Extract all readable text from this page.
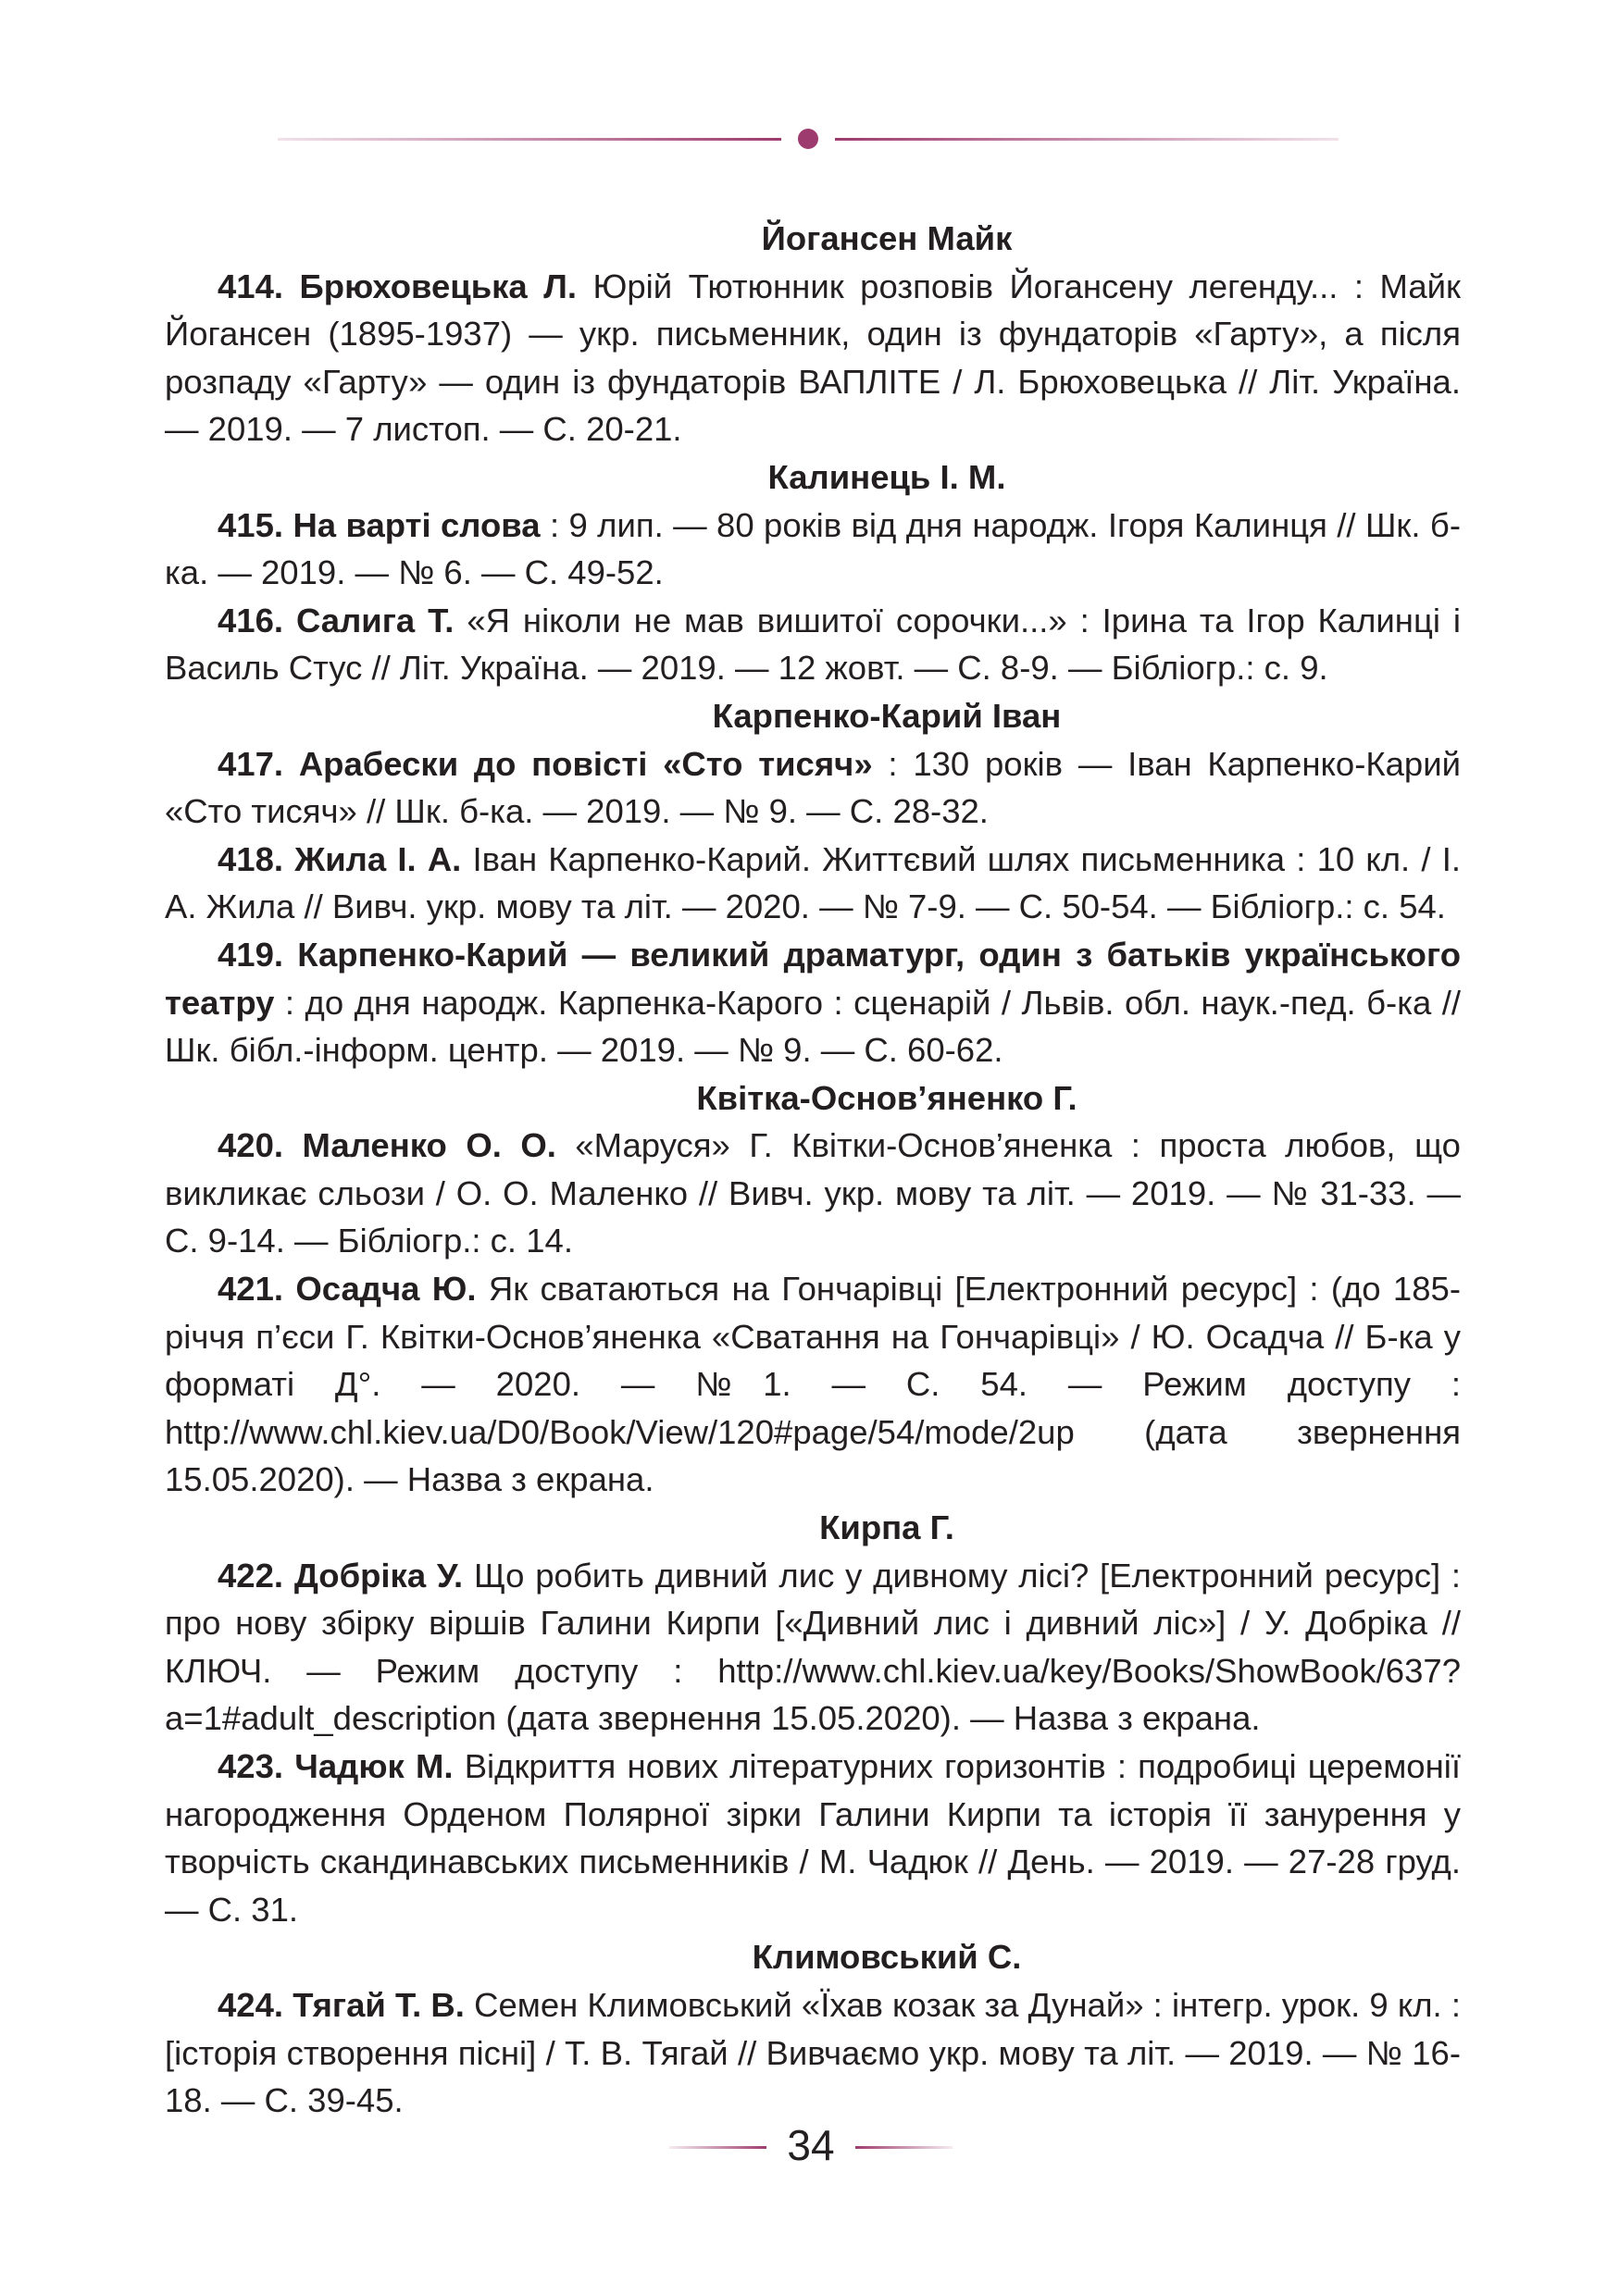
Йогансен Майк
414. Брюховецька Л. Юрій Тютюнник розповів Йогансену легенду... : Майк Йогансен (1895-1937) — укр. письменник, один із фундаторів «Гарту», а після розпаду «Гарту» — один із фундаторів ВАПЛІТЕ / Л. Брюховецька // Літ. Україна. — 2019. — 7 листоп. — С. 20-21.
Калинець І. М.
415. На варті слова : 9 лип. — 80 років від дня народж. Ігоря Калинця // Шк. б-ка. — 2019. — № 6. — С. 49-52.
416. Салига Т. «Я ніколи не мав вишитої сорочки...» : Ірина та Ігор Калинці і Василь Стус // Літ. Україна. — 2019. — 12 жовт. — С. 8-9. — Бібліогр.: с. 9.
Карпенко-Карий Іван
417. Арабески до повісті «Сто тисяч» : 130 років — Іван Карпенко-Карий «Сто тисяч» // Шк. б-ка. — 2019. — № 9. — С. 28-32.
418. Жила І. А. Іван Карпенко-Карий. Життєвий шлях письменника : 10 кл. / І. А. Жила // Вивч. укр. мову та літ. — 2020. — № 7-9. — С. 50-54. — Бібліогр.: с. 54.
419. Карпенко-Карий — великий драматург, один з батьків українського театру : до дня народж. Карпенка-Карого : сценарій / Львів. обл. наук.-пед. б-ка // Шк. бібл.-інформ. центр. — 2019. — № 9. — С. 60-62.
Квітка-Основ’яненко Г.
420. Маленко О. О. «Маруся» Г. Квітки-Основ’яненка : проста любов, що викликає сльози / О. О. Маленко // Вивч. укр. мову та літ. — 2019. — № 31-33. — С. 9-14. — Бібліогр.: с. 14.
421. Осадча Ю. Як сватаються на Гончарівці [Електронний ресурс] : (до 185-річчя п’єси Г. Квітки-Основ’яненка «Сватання на Гончарівці» / Ю. Осадча // Б-ка у форматі Д°. — 2020. — №1. — С. 54. — Режим доступу : http://www.chl.kiev.ua/D0/Book/View/120#page/54/mode/2up (дата звернення 15.05.2020). — Назва з екрана.
Кирпа Г.
422. Добріка У. Що робить дивний лис у дивному лісі? [Електронний ресурс] : про нову збірку віршів Галини Кирпи [«Дивний лис і дивний ліс»] / У. Добріка // КЛЮЧ. — Режим доступу : http://www.chl.kiev.ua/key/Books/ShowBook/637?a=1#adult_description (дата звернення 15.05.2020). — Назва з екрана.
423. Чадюк М. Відкриття нових літературних горизонтів : подробиці церемонії нагородження Орденом Полярної зірки Галини Кирпи та історія її занурення у творчість скандинавських письменників / М. Чадюк // День. — 2019. — 27-28 груд. — С. 31.
Климовський С.
424. Тягай Т. В. Семен Климовський «Їхав козак за Дунай» : інтегр. урок. 9 кл. : [історія створення пісні] / Т. В. Тягай // Вивчаємо укр. мову та літ. — 2019. — № 16-18. — С. 39-45.
34
